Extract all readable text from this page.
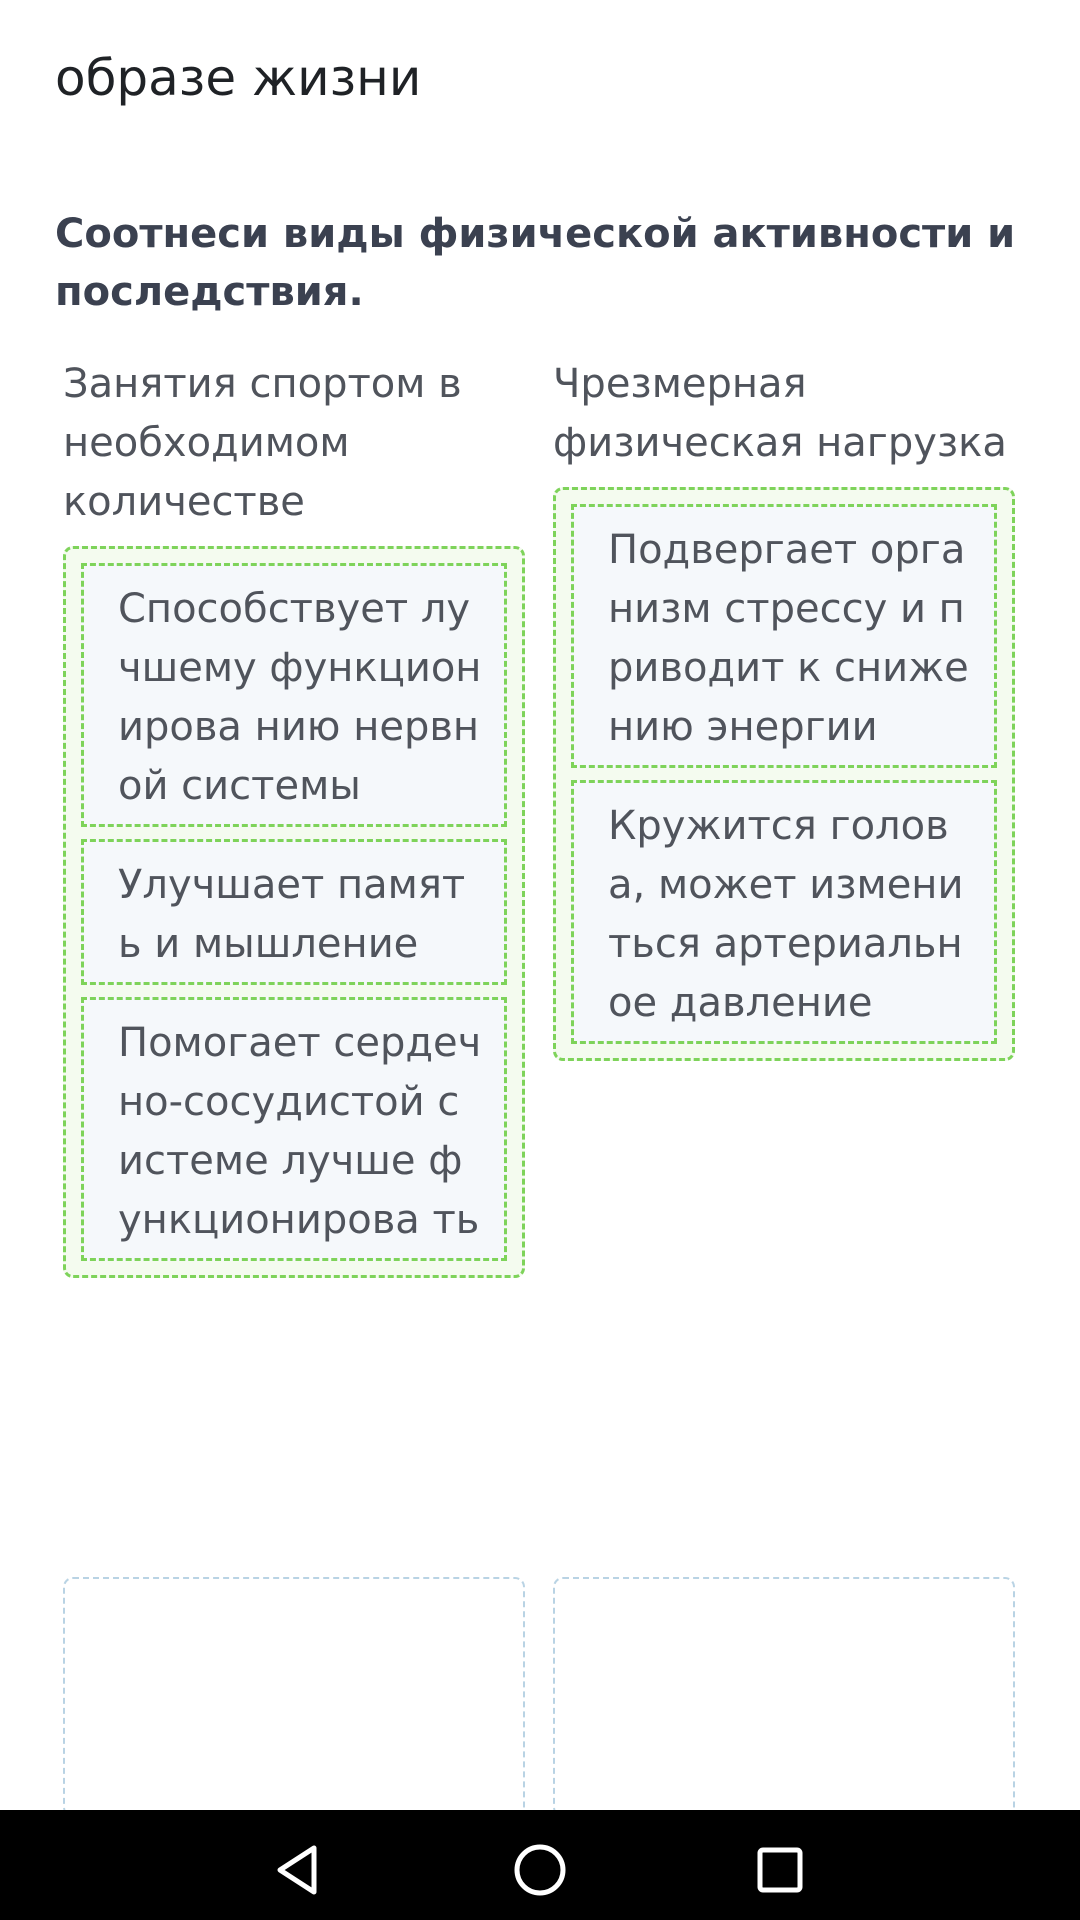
образе жизни
Соотнеси виды физической активности и последствия.
Занятия спортом в необходимом количестве
Способствует лучшему функционирова нию нервной системы
Улучшает память и мышление
Помогает сердечно-сосудистой системе лучше функционирова ть
Чрезмерная физическая нагрузка
Подвергает организм стрессу и приводит к снижению энергии
Кружится голова, может измениться артериальное давление
